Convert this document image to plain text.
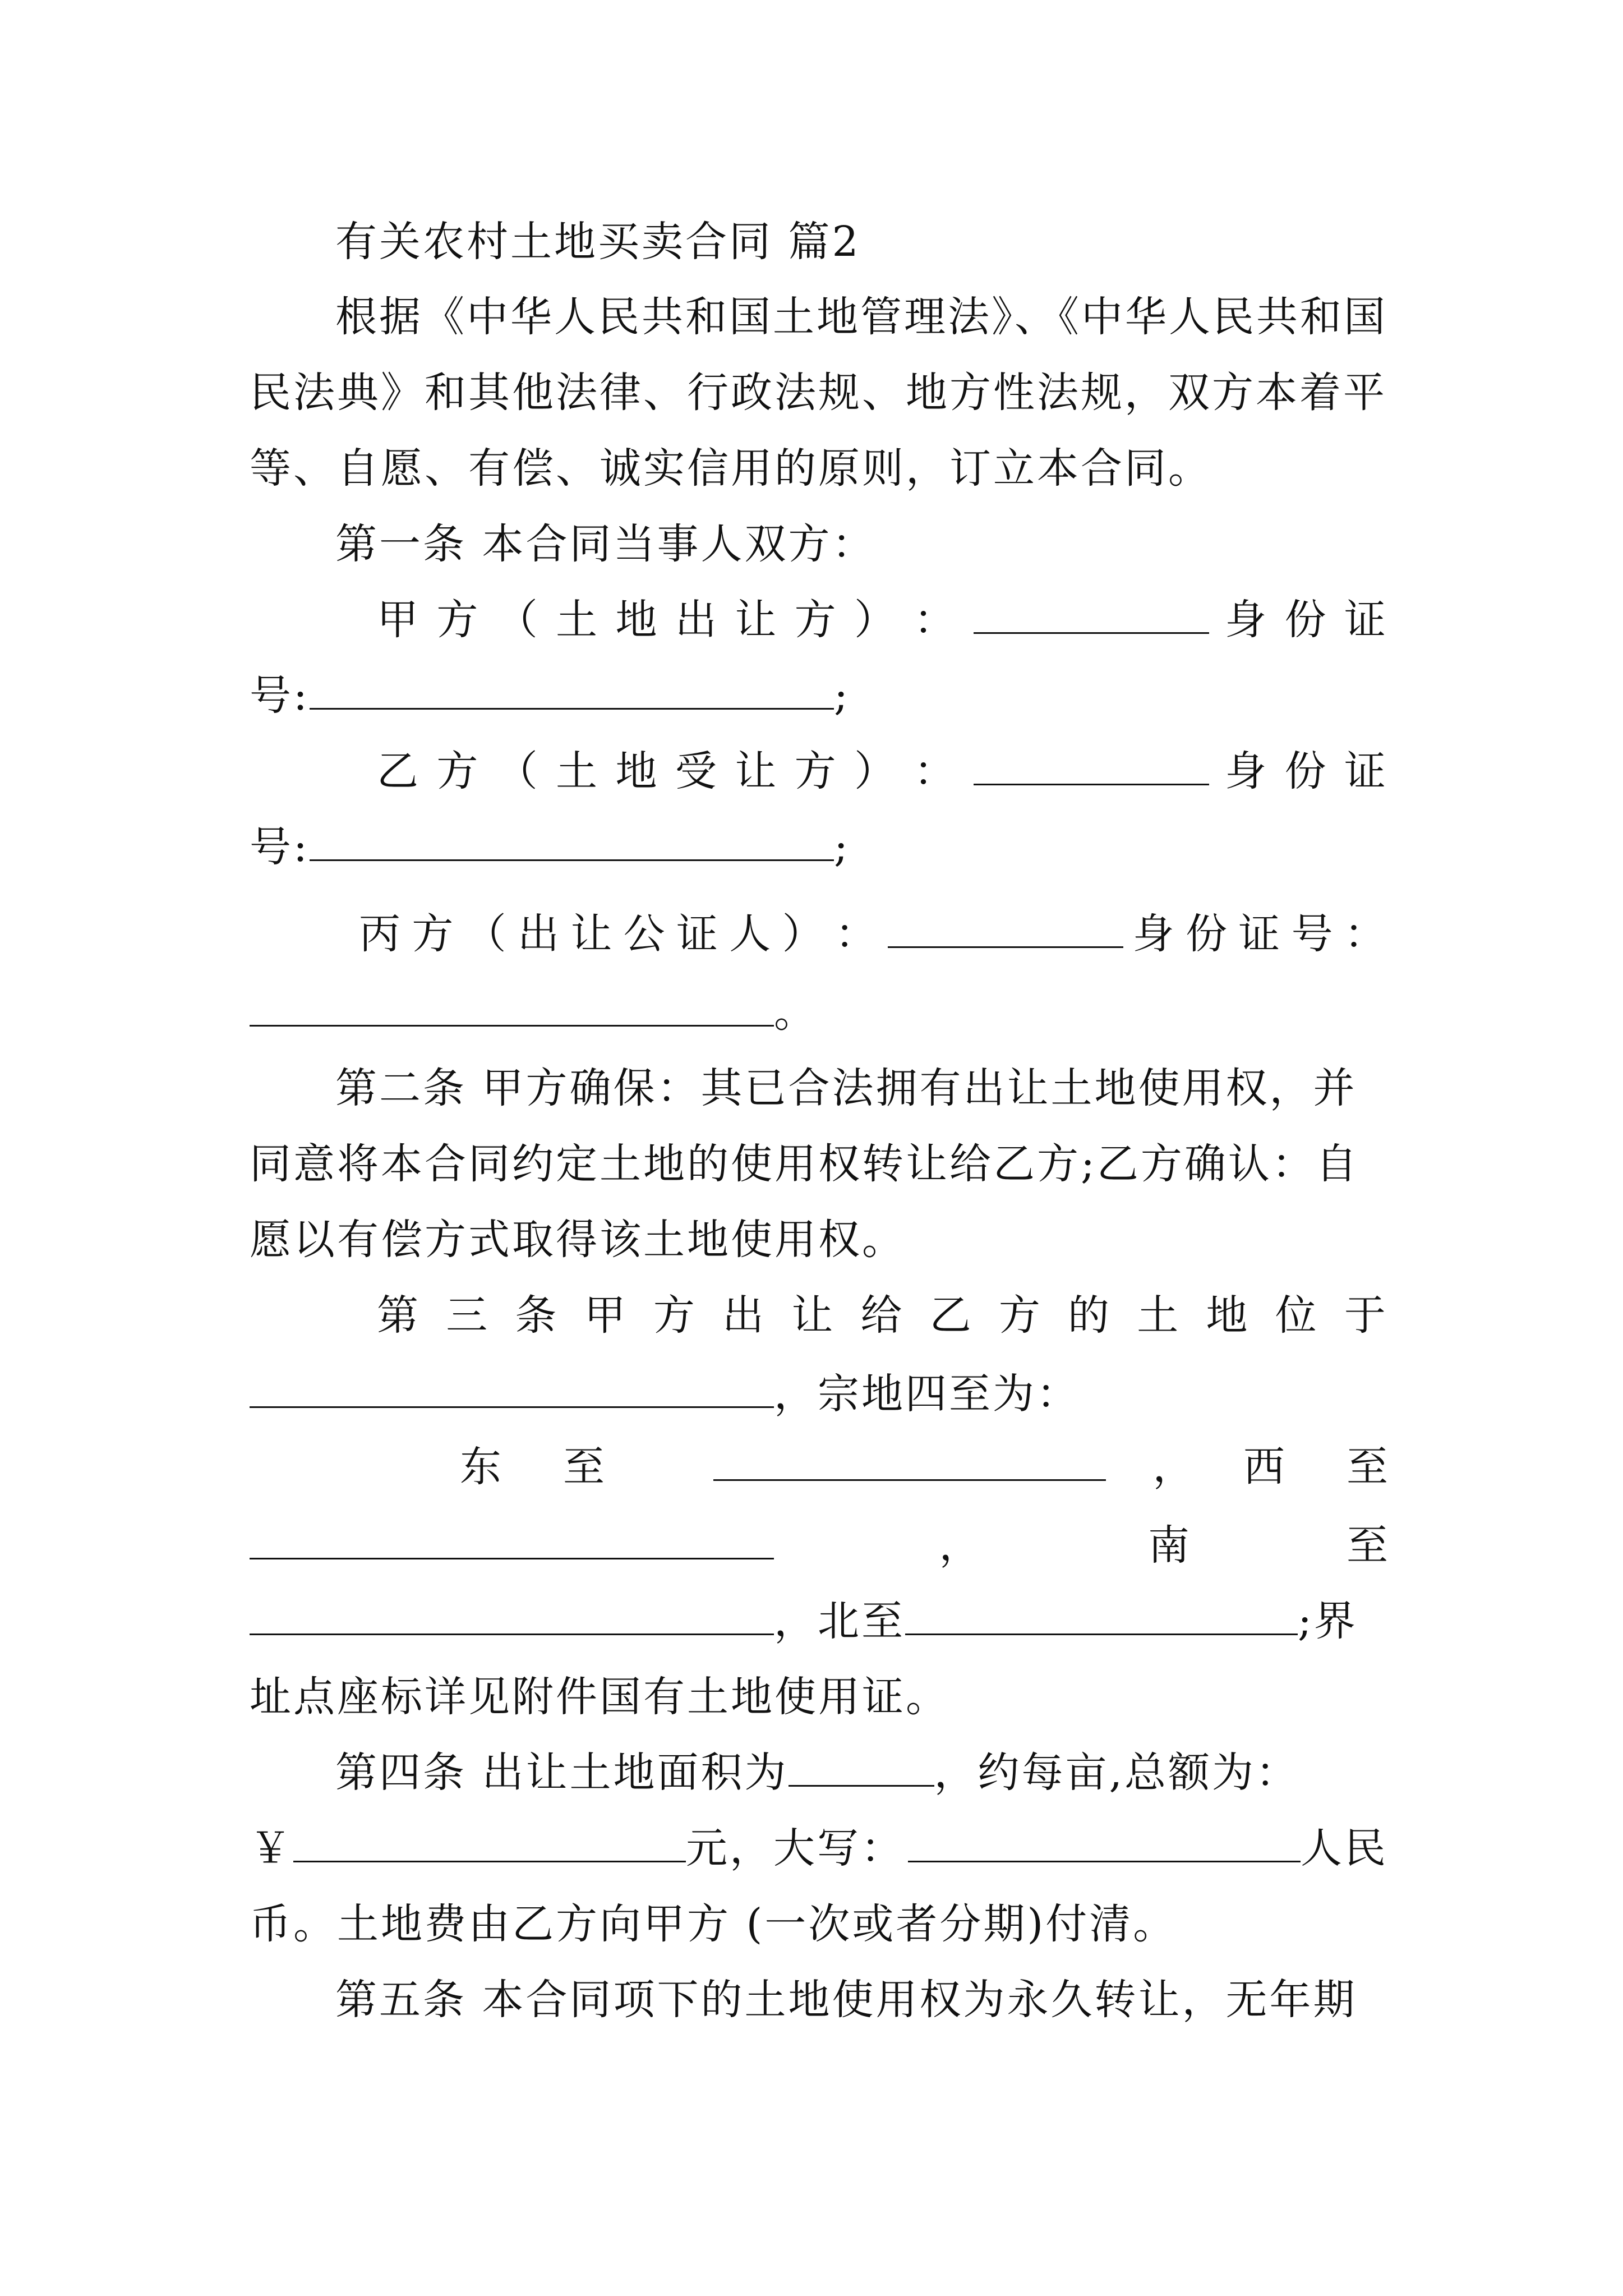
有关农村土地买卖合同 篇2
根据《中华人民共和国土地管理法》、《中华人民共和国
民法典》和其他法律、行政法规、地方性法规，双方本着平
等、自愿、有偿、诚实信用的原则，订立本合同。
第一条 本合同当事人双方：
甲 方 （ 土 地 出 让 方 ） ：	身 份 证
号:	;
乙 方 （ 土 地 受 让 方 ） ：	身 份 证
号:	;
丙 方 （ 出 让 公 证 人 ） ：	身 份 证 号 ：
。
第二条 甲方确保：其已合法拥有出让土地使用权，并
同意将本合同约定土地的使用权转让给乙方;乙方确认：自
愿以有偿方式取得该土地使用权。
第 三 条 甲 方 出 让 给 乙 方 的 土 地 位 于
，宗地四至为：
东至	， 西至
，	南至
，北至	;界
址点座标详见附件国有土地使用证。
第四条 出让土地面积为	，约每亩,总额为：
￥	元，大写：	人民
币。土地费由乙方向甲方 (一次或者分期)付清。
第五条 本合同项下的土地使用权为永久转让，无年期
